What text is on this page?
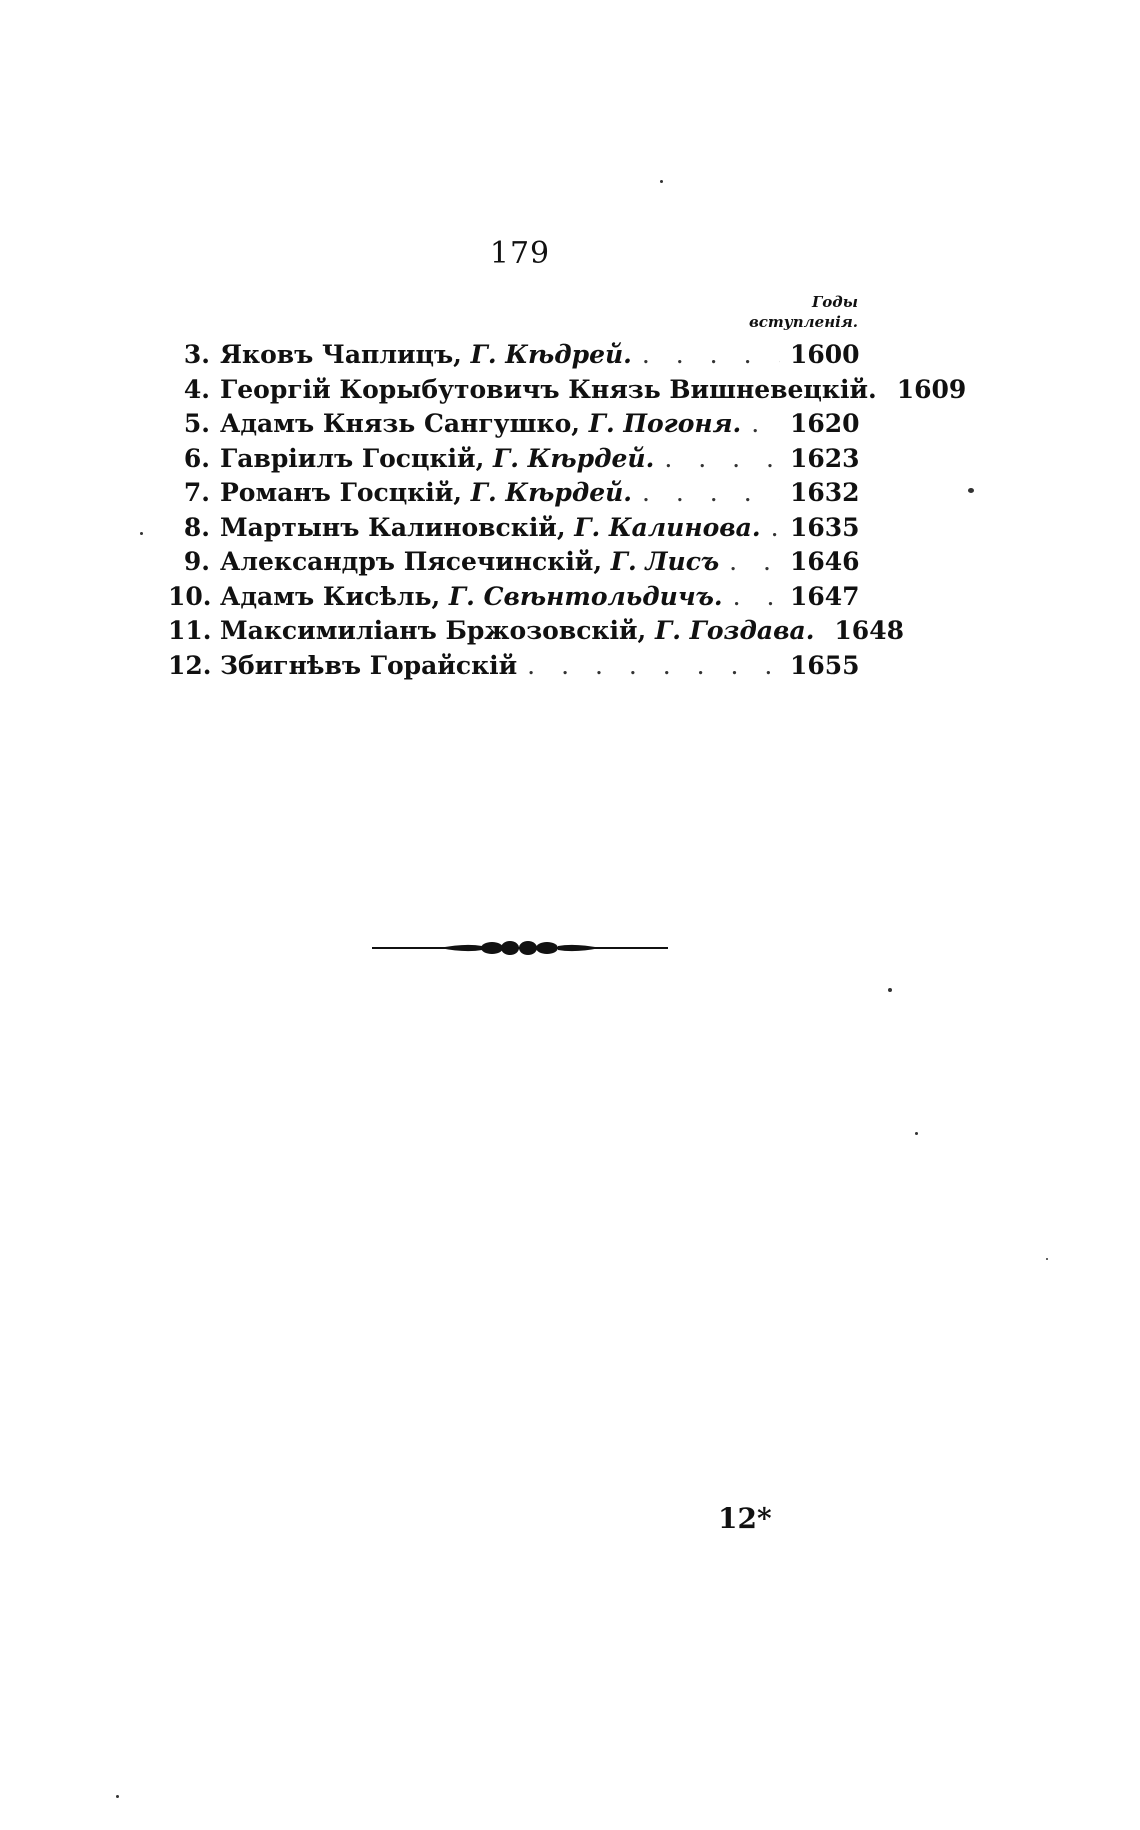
179
Годы
вступленія.
3. Яковъ Чаплицъ, Г. Кѣдрей. . . .	1600
4. Георгій Корыбутовичъ Князь Вишневецкій. 1609
5. Адамъ Князь Сангушко, Г. Погоня. . . . 1620
6. Гавріилъ Госцкій, Г. Кѣрдей. . . .	1623
7. Романъ Госцкій, Г. Кѣрдей. . . .	1632
8. Мартынъ Калиновскій, Г. Калинова. . . . 1635
9. Александръ Пясечинскій, Г. Лисъ . . .	1646
10. Адамъ Кисѣль, Г. Свѣнтольдичъ. . . .	1647
11. Максимиліанъ Бржозовскій, Г. Гоздава. 1648
12. Збигнѣвъ Горайскій . . .	1655
12*
